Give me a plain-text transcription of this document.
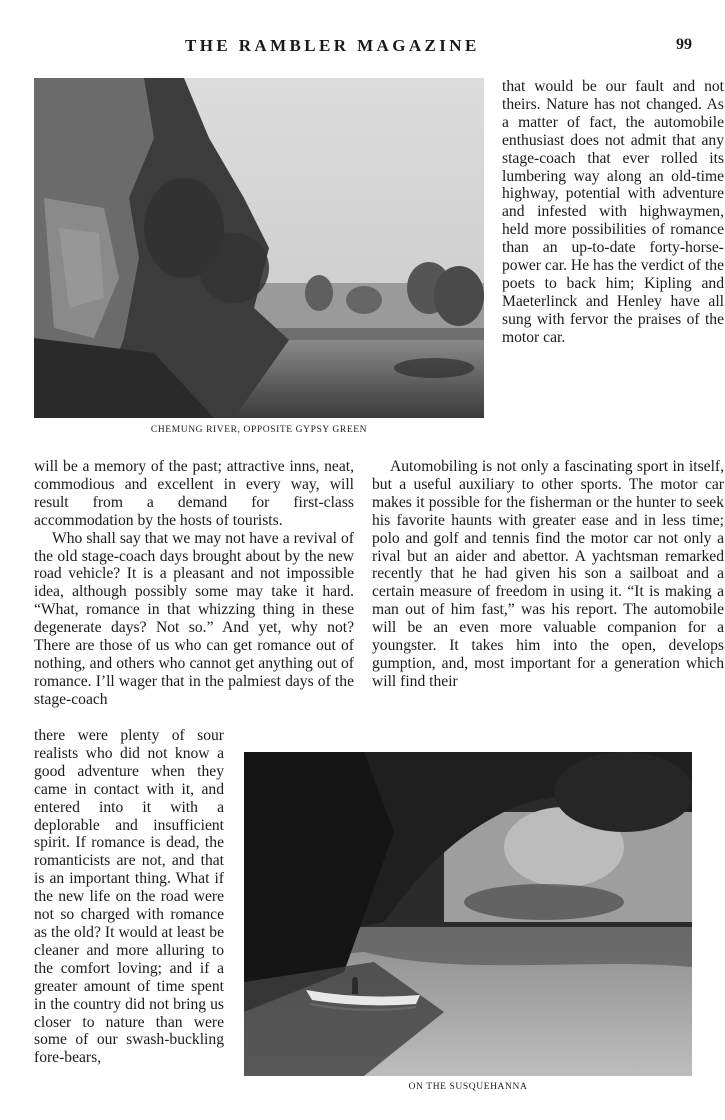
THE RAMBLER MAGAZINE	99
CHEMUNG RIVER, OPPOSITE GYPSY GREEN

that would be our fault and not theirs. Nature has not changed. As a matter of fact, the automobile enthusiast does not admit that any stage-coach that ever rolled its lumbering way along an old-time highway, potential with adventure and infested with highwaymen, held more possibilities of romance than an up-to-date forty-horse-power car. He has the verdict of the poets to back him; Kipling and Maeterlinck and Henley have all sung with fervor the praises of the motor car.

will be a memory of the past; attractive inns, neat, commodious and excellent in every way, will result from a demand for first-class accommodation by the hosts of tourists.

Who shall say that we may not have a revival of the old stage-coach days brought about by the new road vehicle? It is a pleasant and not impossible idea, although possibly some may take it hard. “What, romance in that whizzing thing in these degenerate days? Not so.” And yet, why not? There are those of us who can get romance out of nothing, and others who cannot get anything out of romance. I’ll wager that in the palmiest days of the stage-coach

Automobiling is not only a fascinating sport in itself, but a useful auxiliary to other sports. The motor car makes it possible for the fisherman or the hunter to seek his favorite haunts with greater ease and in less time; polo and golf and tennis find the motor car not only a rival but an aider and abettor. A yachtsman remarked recently that he had given his son a sailboat and a certain measure of freedom in using it. “It is making a man out of him fast,” was his report. The automobile will be an even more valuable companion for a youngster. It takes him into the open, develops gumption, and, most important for a generation which will find their

there were plenty of sour realists who did not know a good adventure when they came in contact with it, and entered into it with a deplorable and insufficient spirit. If romance is dead, the romanticists are not, and that is an important thing. What if the new life on the road were not so charged with romance as the old? It would at least be cleaner and more alluring to the comfort loving; and if a greater amount of time spent in the country did not bring us closer to nature than were some of our swash-buckling fore-bears,

ON THE SUSQUEHANNA
